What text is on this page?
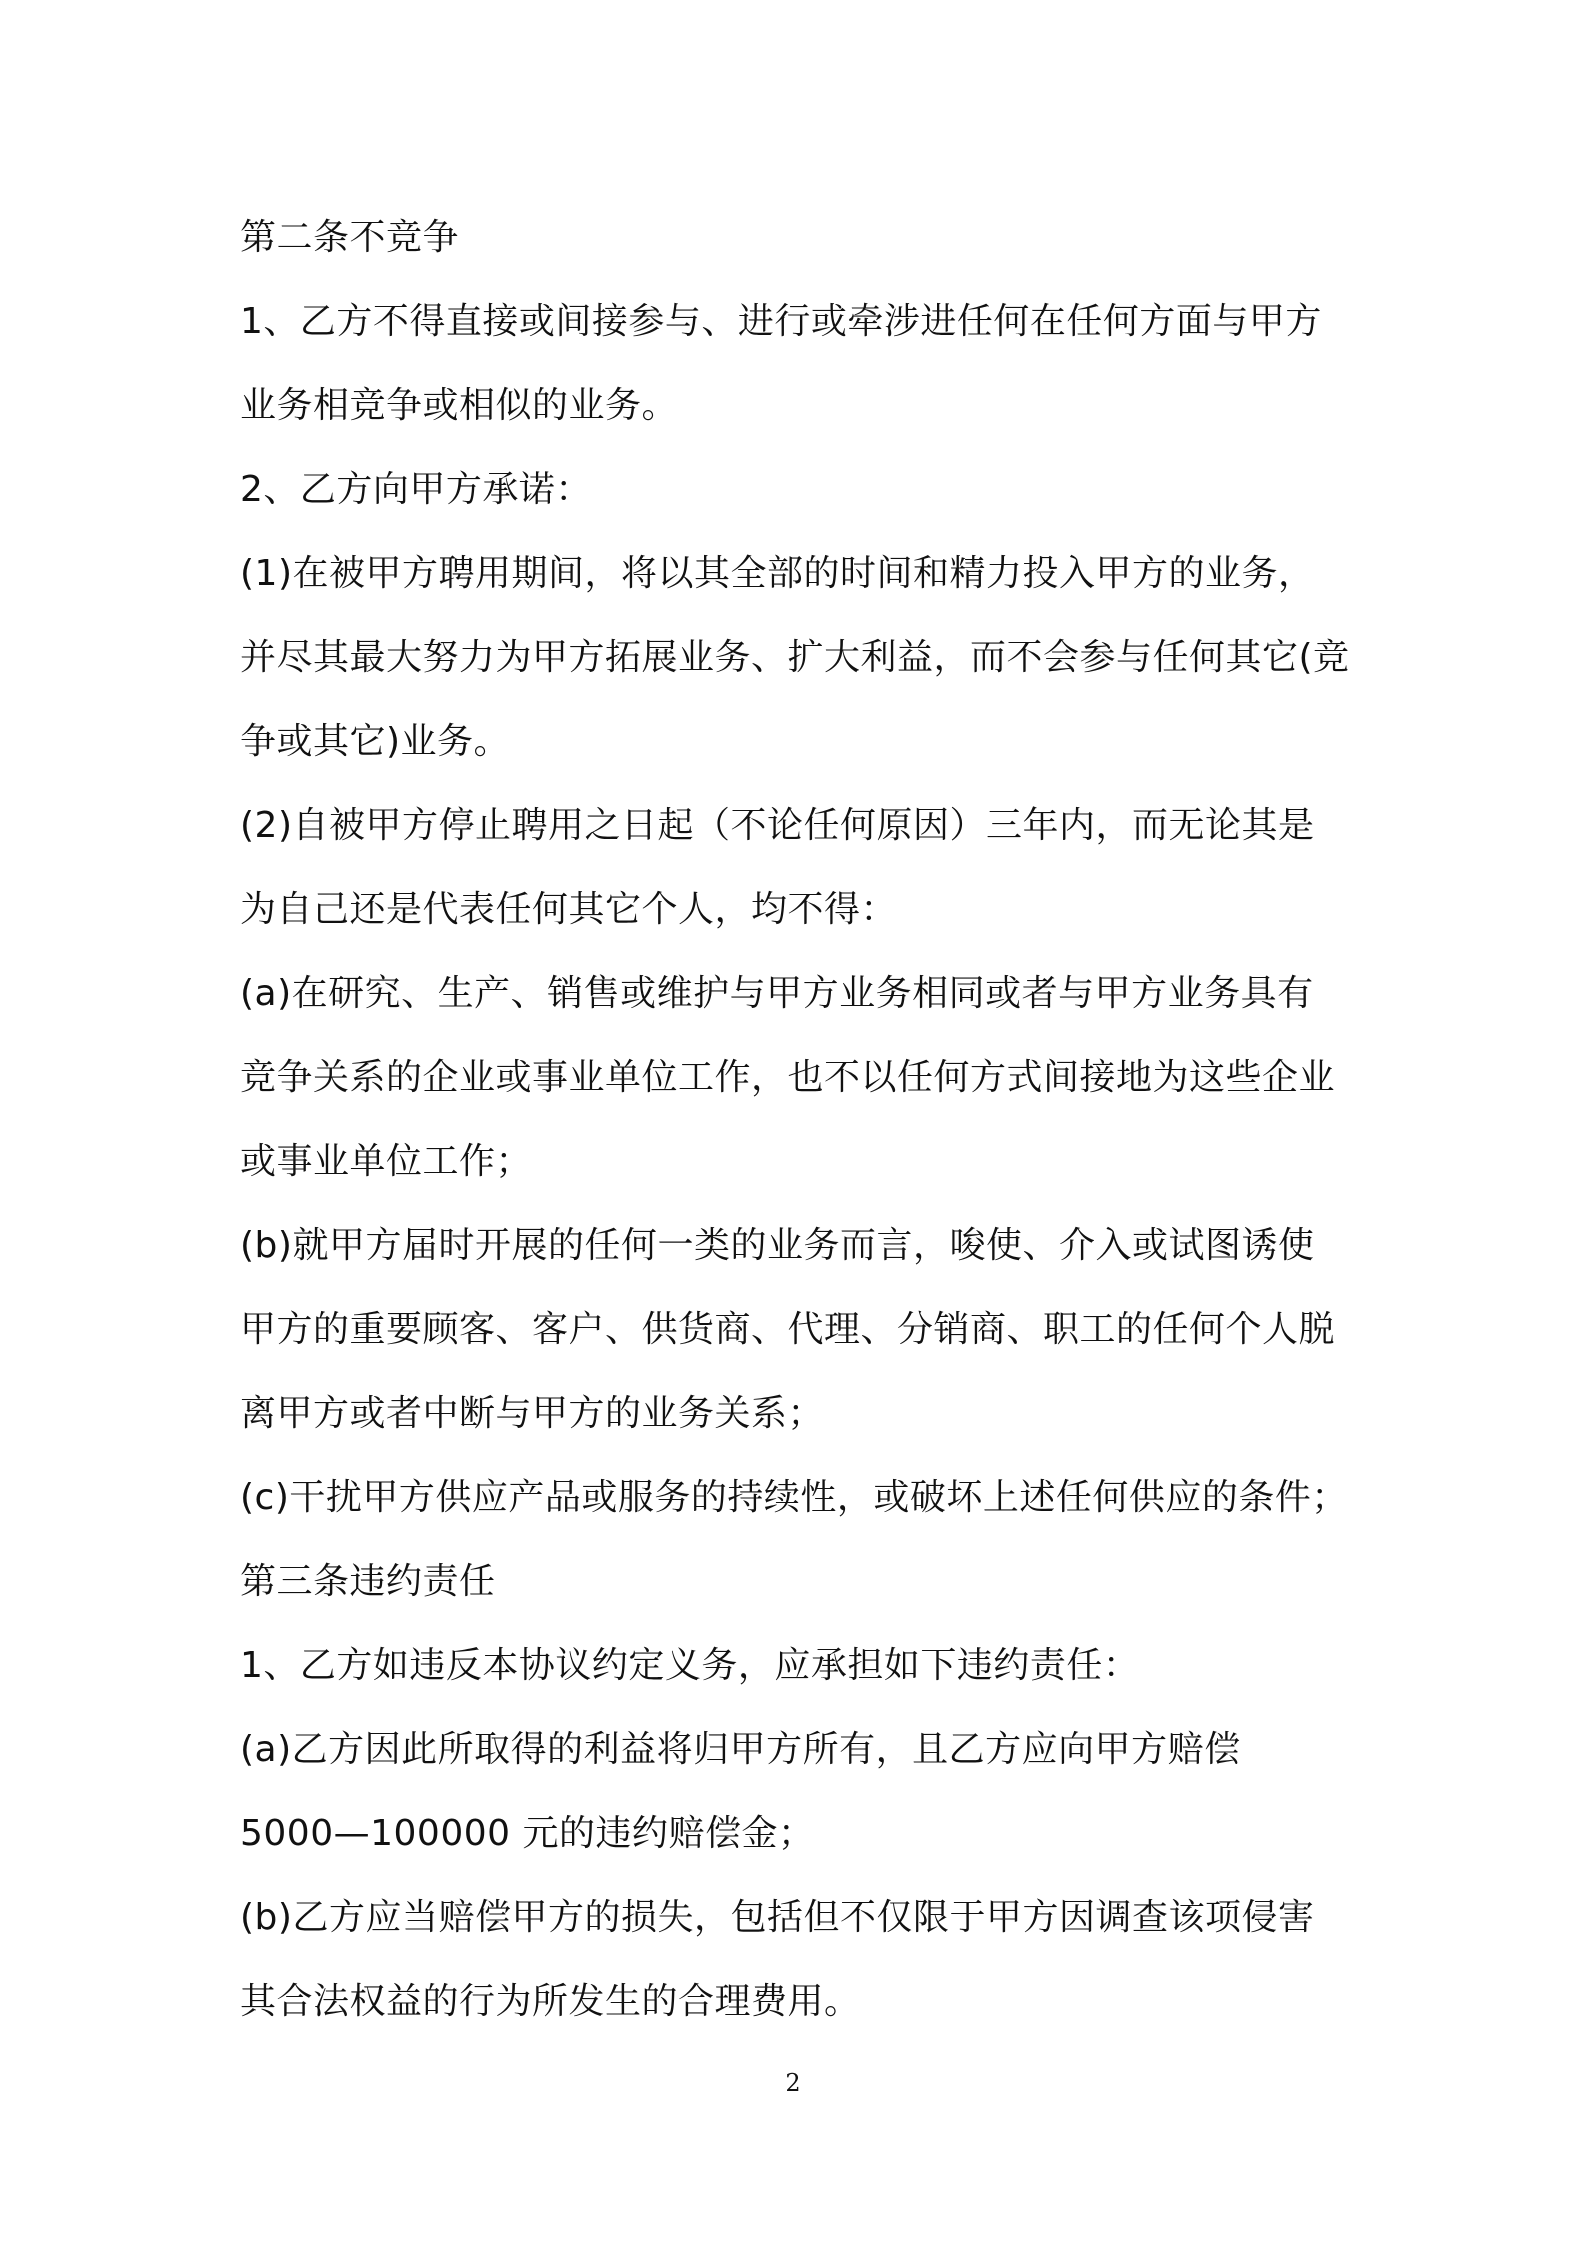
第二条不竞争
1、乙方不得直接或间接参与、进行或牵涉进任何在任何方面与甲方
业务相竞争或相似的业务。
2、乙方向甲方承诺：
(1)在被甲方聘用期间，将以其全部的时间和精力投入甲方的业务，
并尽其最大努力为甲方拓展业务、扩大利益，而不会参与任何其它(竞
争或其它)业务。
(2)自被甲方停止聘用之日起（不论任何原因）三年内，而无论其是
为自己还是代表任何其它个人，均不得：
(a)在研究、生产、销售或维护与甲方业务相同或者与甲方业务具有
竞争关系的企业或事业单位工作，也不以任何方式间接地为这些企业
或事业单位工作；
(b)就甲方届时开展的任何一类的业务而言，唆使、介入或试图诱使
甲方的重要顾客、客户、供货商、代理、分销商、职工的任何个人脱
离甲方或者中断与甲方的业务关系；
(c)干扰甲方供应产品或服务的持续性，或破坏上述任何供应的条件；
第三条违约责任
1、乙方如违反本协议约定义务，应承担如下违约责任：
(a)乙方因此所取得的利益将归甲方所有，且乙方应向甲方赔偿
5000—100000 元的违约赔偿金；
(b)乙方应当赔偿甲方的损失，包括但不仅限于甲方因调查该项侵害
其合法权益的行为所发生的合理费用。
2
